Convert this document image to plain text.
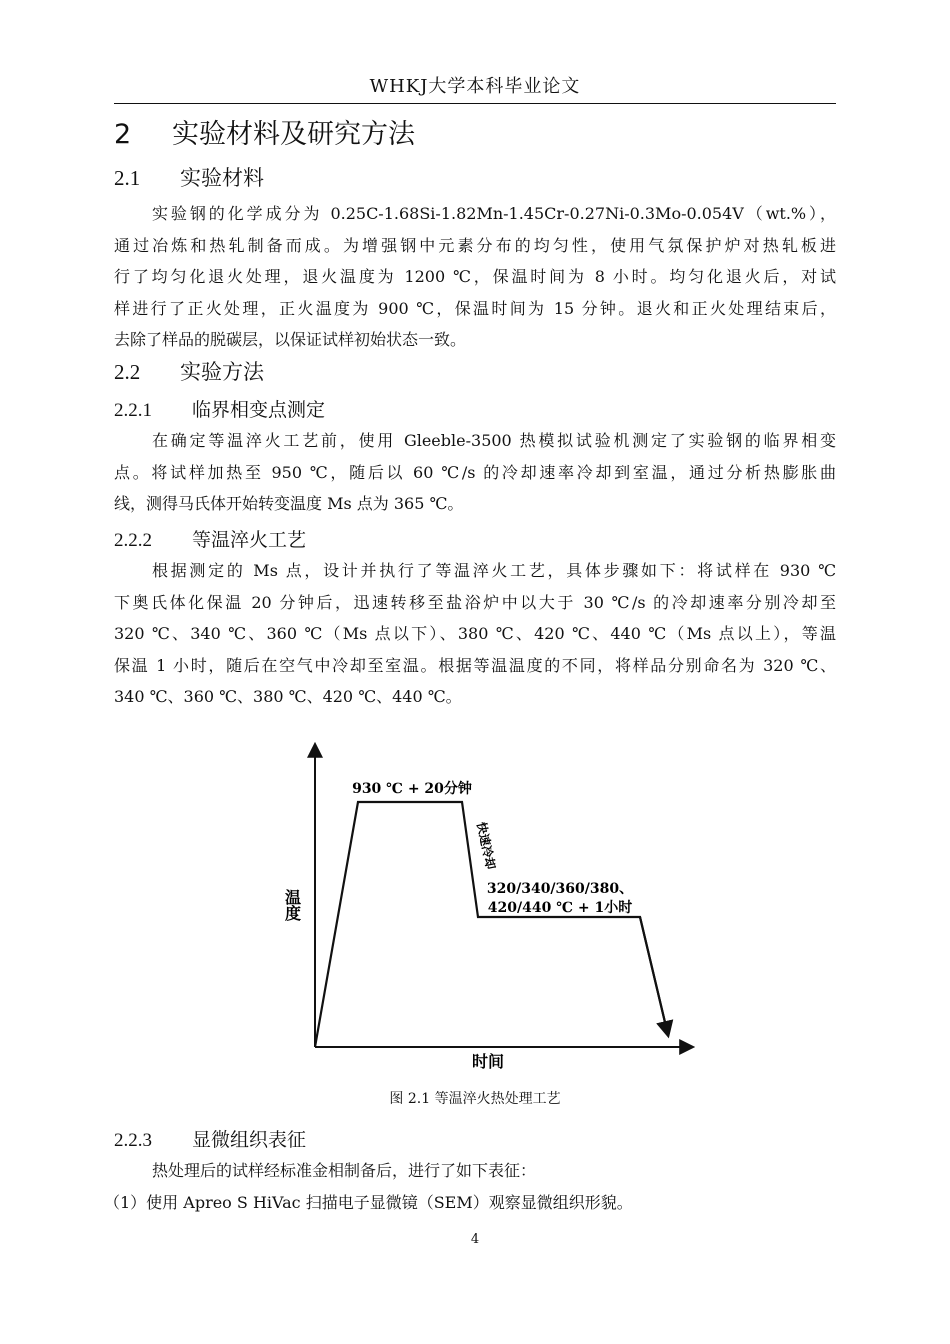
WHKJ大学本科毕业论文
2 实验材料及研究方法
2.1 实验材料
实验钢的化学成分为 0.25C-1.68Si-1.82Mn-1.45Cr-0.27Ni-0.3Mo-0.054V（wt.%），
通过冶炼和热轧制备而成。为增强钢中元素分布的均匀性，使用气氛保护炉对热轧板进
行了均匀化退火处理，退火温度为 1200 ℃，保温时间为 8 小时。均匀化退火后，对试
样进行了正火处理，正火温度为 900 ℃，保温时间为 15 分钟。退火和正火处理结束后，
去除了样品的脱碳层，以保证试样初始状态一致。
2.2 实验方法
2.2.1 临界相变点测定
在确定等温淬火工艺前，使用 Gleeble-3500 热模拟试验机测定了实验钢的临界相变
点。将试样加热至 950 ℃，随后以 60 ℃/s 的冷却速率冷却到室温，通过分析热膨胀曲
线，测得马氏体开始转变温度 Ms 点为 365 ℃。
2.2.2 等温淬火工艺
根据测定的 Ms 点，设计并执行了等温淬火工艺，具体步骤如下：将试样在 930 ℃
下奥氏体化保温 20 分钟后，迅速转移至盐浴炉中以大于 30 ℃/s 的冷却速率分别冷却至
320 ℃、340 ℃、360 ℃（Ms 点以下）、380 ℃、420 ℃、440 ℃（Ms 点以上），等温
保温 1 小时，随后在空气中冷却至室温。根据等温温度的不同，将样品分别命名为 320 ℃、
340 ℃、360 ℃、380 ℃、420 ℃、440 ℃。
930 ℃ + 20分钟
快速冷却
320/340/360/380、
420/440 ℃ + 1小时
温度
时间
图 2.1 等温淬火热处理工艺
2.2.3 显微组织表征
热处理后的试样经标准金相制备后，进行了如下表征：
（1）使用 Apreo S HiVac 扫描电子显微镜（SEM）观察显微组织形貌。
4
